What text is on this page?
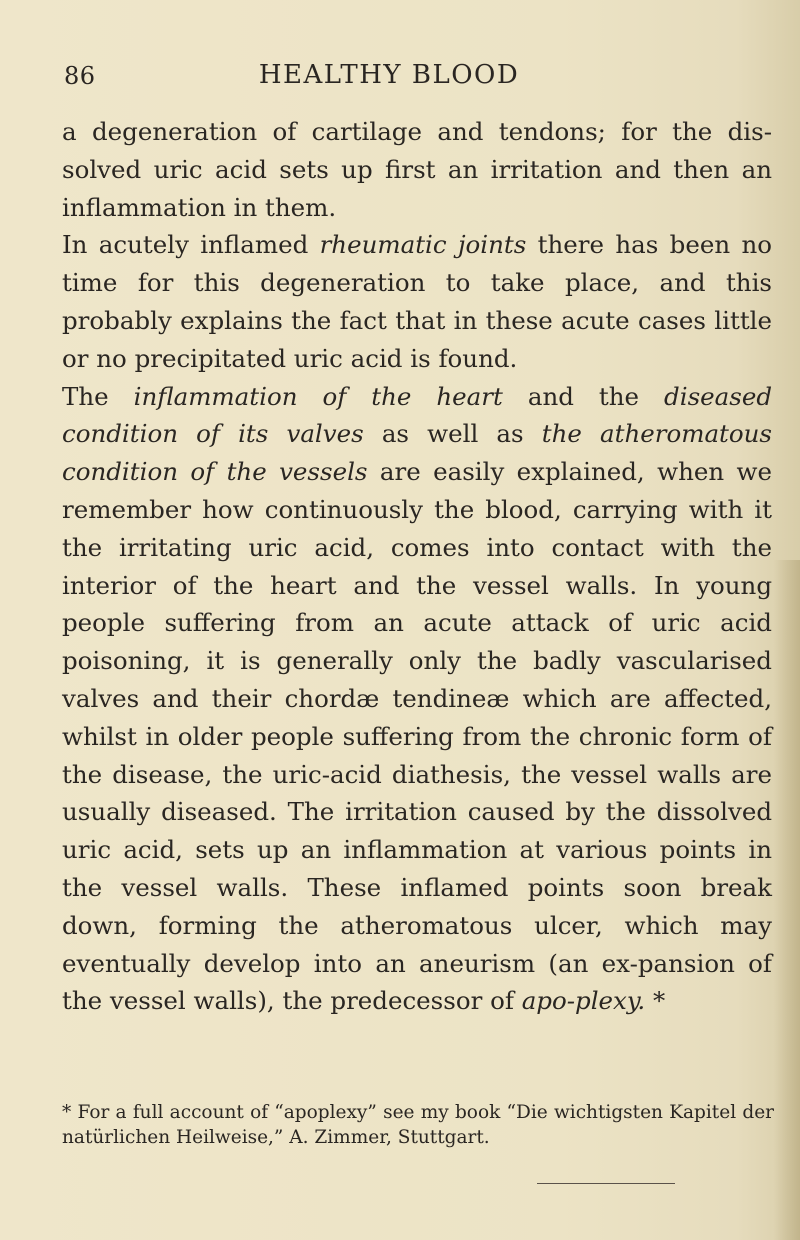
86	HEALTHY BLOOD

a degeneration of cartilage and tendons; for the dis-solved uric acid sets up first an irritation and then an inflammation in them.

In acutely inflamed rheumatic joints there has been no time for this degeneration to take place, and this probably explains the fact that in these acute cases little or no precipitated uric acid is found.

The inflammation of the heart and the diseased condition of its valves as well as the atheromatous condition of the vessels are easily explained, when we remember how continuously the blood, carrying with it the irritating uric acid, comes into contact with the interior of the heart and the vessel walls. In young people suffering from an acute attack of uric acid poisoning, it is generally only the badly vascularised valves and their chordæ tendineæ which are affected, whilst in older people suffering from the chronic form of the disease, the uric-acid diathesis, the vessel walls are usually diseased. The irritation caused by the dissolved uric acid, sets up an inflammation at various points in the vessel walls. These inflamed points soon break down, forming the atheromatous ulcer, which may eventually develop into an aneurism (an ex-pansion of the vessel walls), the predecessor of apo-plexy. *

* For a full account of “apoplexy” see my book “Die wichtigsten Kapitel der natürlichen Heilweise,” A. Zimmer, Stuttgart.
